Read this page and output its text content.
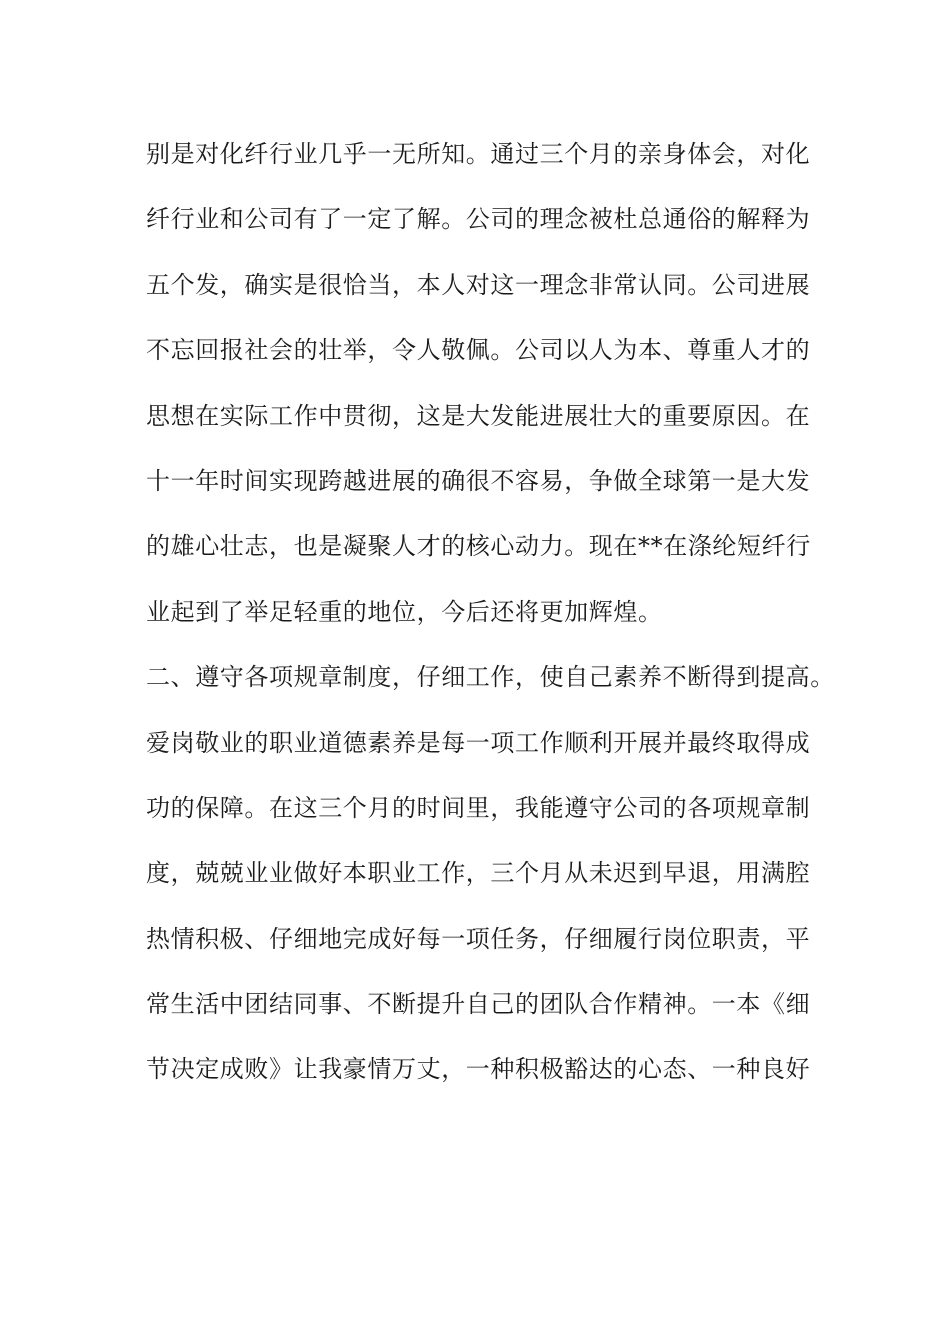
别是对化纤行业几乎一无所知。通过三个月的亲身体会，对化
纤行业和公司有了一定了解。公司的理念被杜总通俗的解释为
五个发，确实是很恰当，本人对这一理念非常认同。公司进展
不忘回报社会的壮举，令人敬佩。公司以人为本、尊重人才的
思想在实际工作中贯彻，这是大发能进展壮大的重要原因。在
十一年时间实现跨越进展的确很不容易，争做全球第一是大发
的雄心壮志，也是凝聚人才的核心动力。现在**在涤纶短纤行
业起到了举足轻重的地位，今后还将更加辉煌。
二、遵守各项规章制度，仔细工作，使自己素养不断得到提高。
爱岗敬业的职业道德素养是每一项工作顺利开展并最终取得成
功的保障。在这三个月的时间里，我能遵守公司的各项规章制
度，兢兢业业做好本职业工作，三个月从未迟到早退，用满腔
热情积极、仔细地完成好每一项任务，仔细履行岗位职责，平
常生活中团结同事、不断提升自己的团队合作精神。一本《细
节决定成败》让我豪情万丈，一种积极豁达的心态、一种良好
